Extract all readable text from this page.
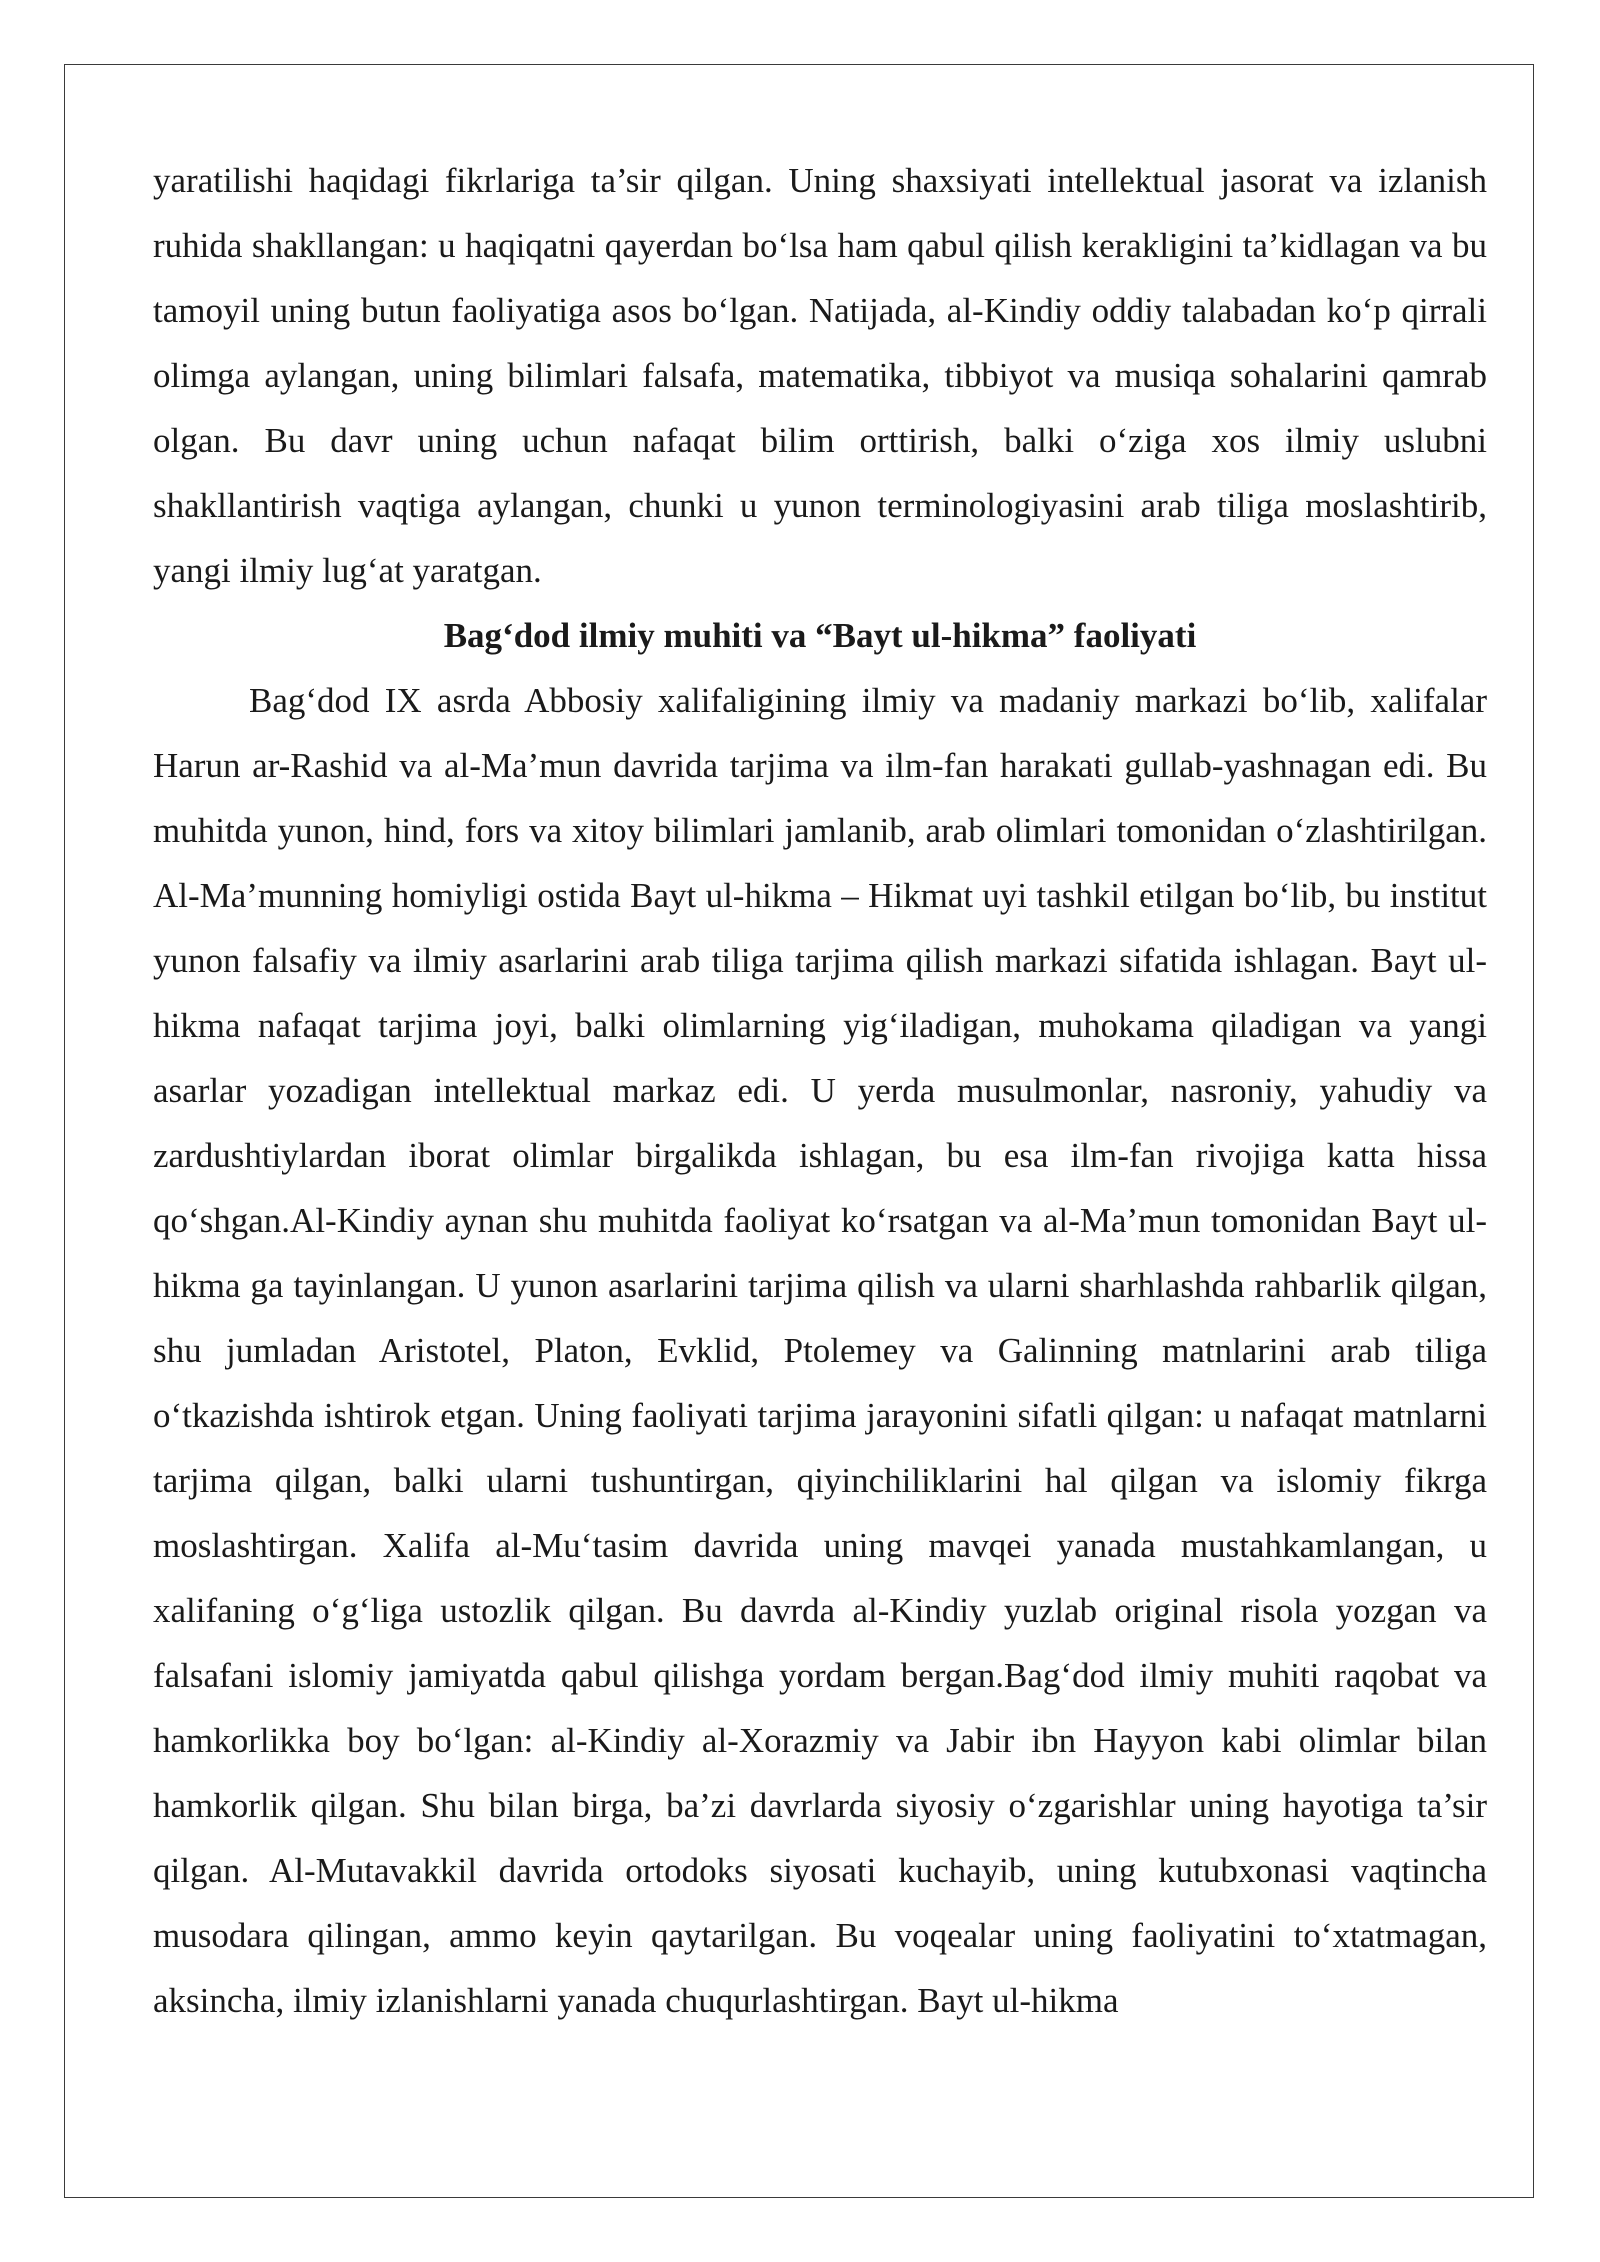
yaratilishi haqidagi fikrlariga ta’sir qilgan. Uning shaxsiyati intellektual jasorat va izlanish ruhida shakllangan: u haqiqatni qayerdan bo‘lsa ham qabul qilish kerakligini ta’kidlagan va bu tamoyil uning butun faoliyatiga asos bo‘lgan. Natijada, al-Kindiy oddiy talabadan ko‘p qirrali olimga aylangan, uning bilimlari falsafa, matematika, tibbiyot va musiqa sohalarini qamrab olgan. Bu davr uning uchun nafaqat bilim orttirish, balki o‘ziga xos ilmiy uslubni shakllantirish vaqtiga aylangan, chunki u yunon terminologiyasini arab tiliga moslashtirib, yangi ilmiy lug‘at yaratgan.

Bag‘dod ilmiy muhiti va “Bayt ul-hikma” faoliyati

Bag‘dod IX asrda Abbosiy xalifaligining ilmiy va madaniy markazi bo‘lib, xalifalar Harun ar-Rashid va al-Ma’mun davrida tarjima va ilm-fan harakati gullab-yashnagan edi. Bu muhitda yunon, hind, fors va xitoy bilimlari jamlanib, arab olimlari tomonidan o‘zlashtirilgan. Al-Ma’munning homiyligi ostida Bayt ul-hikma – Hikmat uyi tashkil etilgan bo‘lib, bu institut yunon falsafiy va ilmiy asarlarini arab tiliga tarjima qilish markazi sifatida ishlagan. Bayt ul-hikma nafaqat tarjima joyi, balki olimlarning yig‘iladigan, muhokama qiladigan va yangi asarlar yozadigan intellektual markaz edi. U yerda musulmonlar, nasroniy, yahudiy va zardushtiylardan iborat olimlar birgalikda ishlagan, bu esa ilm-fan rivojiga katta hissa qo‘shgan.Al-Kindiy aynan shu muhitda faoliyat ko‘rsatgan va al-Ma’mun tomonidan Bayt ul-hikma ga tayinlangan. U yunon asarlarini tarjima qilish va ularni sharhlashda rahbarlik qilgan, shu jumladan Aristotel, Platon, Evklid, Ptolemey va Galinning matnlarini arab tiliga o‘tkazishda ishtirok etgan. Uning faoliyati tarjima jarayonini sifatli qilgan: u nafaqat matnlarni tarjima qilgan, balki ularni tushuntirgan, qiyinchiliklarini hal qilgan va islomiy fikrga moslashtirgan. Xalifa al-Mu‘tasim davrida uning mavqei yanada mustahkamlangan, u xalifaning o‘g‘liga ustozlik qilgan. Bu davrda al-Kindiy yuzlab original risola yozgan va falsafani islomiy jamiyatda qabul qilishga yordam bergan.Bag‘dod ilmiy muhiti raqobat va hamkorlikka boy bo‘lgan: al-Kindiy al-Xorazmiy va Jabir ibn Hayyon kabi olimlar bilan hamkorlik qilgan. Shu bilan birga, ba’zi davrlarda siyosiy o‘zgarishlar uning hayotiga ta’sir qilgan. Al-Mutavakkil davrida ortodoks siyosati kuchayib, uning kutubxonasi vaqtincha musodara qilingan, ammo keyin qaytarilgan. Bu voqealar uning faoliyatini to‘xtatmagan, aksincha, ilmiy izlanishlarni yanada chuqurlashtirgan. Bayt ul-hikma
